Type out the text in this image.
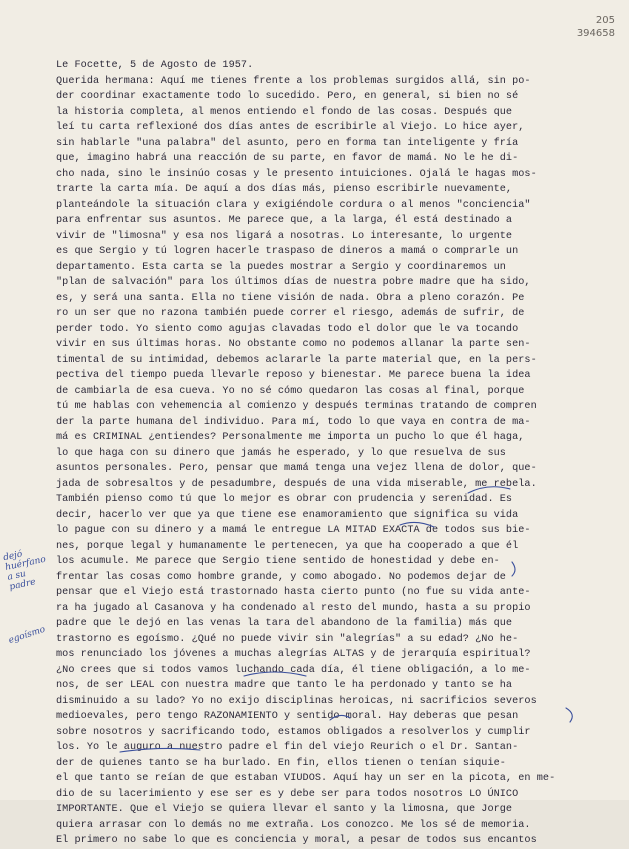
205
394658
Le Focette, 5 de Agosto de 1957.
Querida hermana: Aquí me tienes frente a los problemas surgidos allá, sin po-
der coordinar exactamente todo lo sucedido. Pero, en general, si bien no sé
la historia completa, al menos entiendo el fondo de las cosas. Después que
leí tu carta reflexioné dos días antes de escribirle al Viejo. Lo hice ayer,
sin hablarle "una palabra" del asunto, pero en forma tan inteligente y fría
que, imagino habrá una reacción de su parte, en favor de mamá. No le he di-
cho nada, sino le insinúo cosas y le presento intuiciones. Ojalá le hagas mos-
trarte la carta mía. De aquí a dos días más, pienso escribirle nuevamente,
planteándole la situación clara y exigiéndole cordura o al menos "conciencia"
para enfrentar sus asuntos. Me parece que, a la larga, él está destinado a
vivir de "limosna" y esa nos ligará a nosotras. Lo interesante, lo urgente
es que Sergio y tú logren hacerle traspaso de dineros a mamá o comprarle un
departamento. Esta carta se la puedes mostrar a Sergio y coordinaremos un
"plan de salvación" para los últimos días de nuestra pobre madre que ha sido,
es, y será una santa. Ella no tiene visión de nada. Obra a pleno corazón. Pe
ro un ser que no razona también puede correr el riesgo, además de sufrir, de
perder todo. Yo siento como agujas clavadas todo el dolor que le va tocando
vivir en sus últimas horas. No obstante como no podemos allanar la parte sen-
timental de su intimidad, debemos aclararle la parte material que, en la pers-
pectiva del tiempo pueda llevarle reposo y bienestar. Me parece buena la idea
de cambiarla de esa cueva. Yo no sé cómo quedaron las cosas al final, porque
tú me hablas con vehemencia al comienzo y después terminas tratando de compren
der la parte humana del individuo. Para mí, todo lo que vaya en contra de ma-
má es CRIMINAL ¿entiendes? Personalmente me importa un pucho lo que él haga,
lo que haga con su dinero que jamás he esperado, y lo que resuelva de sus
asuntos personales. Pero, pensar que mamá tenga una vejez llena de dolor, que-
jada de sobresaltos y de pesadumbre, después de una vida miserable, me rebela.
También pienso como tú que lo mejor es obrar con prudencia y serenidad. Es
decir, hacerlo ver que ya que tiene ese enamoramiento que significa su vida
lo pague con su dinero y a mamá le entregue LA MITAD EXACTA de todos sus bie-
nes, porque legal y humanamente le pertenecen, ya que ha cooperado a que él
los acumule. Me parece que Sergio tiene sentido de honestidad y debe en-
frentar las cosas como hombre grande, y como abogado. No podemos dejar de
pensar que el Viejo está trastornado hasta cierto punto (no fue su vida ante-
ra ha jugado al Casanova y ha condenado al resto del mundo, hasta a su propio
padre que le dejó en las venas la tara del abandono de la familia) más que
trastorno es egoísmo. ¿Qué no puede vivir sin "alegrías" a su edad? ¿No he-
mos renunciado los jóvenes a muchas alegrías ALTAS y de jerarquía espiritual?
¿No crees que si todos vamos luchando cada día, él tiene obligación, a lo me-
nos, de ser LEAL con nuestra madre que tanto le ha perdonado y tanto se ha
disminuido a su lado? Yo no exijo disciplinas heroicas, ni sacrificios severos
medioevales, pero tengo RAZONAMIENTO y sentido moral. Hay deberas que pesan
sobre nosotros y sacrificando todo, estamos obligados a resolverlos y cumplir
los. Yo le auguro a nuestro padre el fin del viejo Reurich o el Dr. Santan-
der de quienes tanto se ha burlado. En fin, ellos tienen o tenían siquie-
el que tanto se reían de que estaban VIUDOS. Aquí hay un ser en la picota, en me-
dio de su lacerimiento y ese ser es y debe ser para todos nosotros LO ÚNICO
IMPORTANTE. Que el Viejo se quiera llevar el santo y la limosna, que Jorge
quiera arrasar con lo demás no me extraña. Los conozco. Me los sé de memoria.
El primero no sabe lo que es conciencia y moral, a pesar de todos sus encantos
dejó huérfano a su padre
egoísmo
